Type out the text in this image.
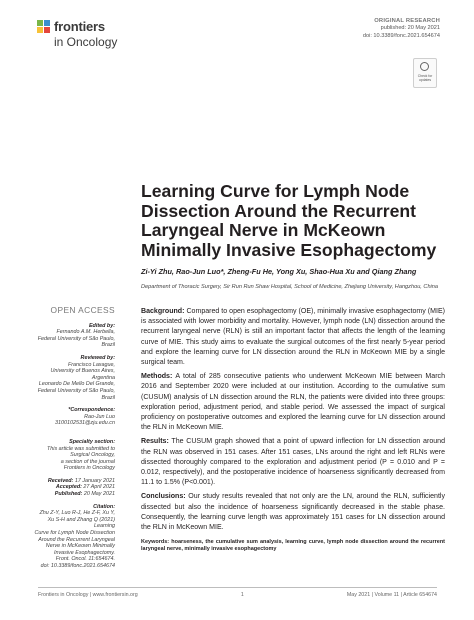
frontiers
in Oncology
ORIGINAL RESEARCH
published: 20 May 2021
doi: 10.3389/fonc.2021.654674
Check for
updates
Learning Curve for Lymph Node Dissection Around the Recurrent Laryngeal Nerve in McKeown Minimally Invasive Esophagectomy
Zi-Yi Zhu, Rao-Jun Luo*, Zheng-Fu He, Yong Xu, Shao-Hua Xu and Qiang Zhang
Department of Thoracic Surgery, Sir Run Run Shaw Hospital, School of Medicine, Zhejiang University, Hangzhou, China
OPEN ACCESS
Edited by:
Fernando A.M. Herbella,
Federal University of São Paulo, Brazil
Reviewed by:
Francisco Laxague,
University of Buenos Aires, Argentina
Leonardo De Mello Del Grande,
Federal University of São Paulo, Brazil
*Correspondence:
Rao-Jun Luo
3100102531@zju.edu.cn
Specialty section:
This article was submitted to
Surgical Oncology,
a section of the journal
Frontiers in Oncology
Received: 17 January 2021
Accepted: 27 April 2021
Published: 20 May 2021
Citation:
Zhu Z-Y, Luo R-J, He Z-F, Xu Y,
Xu S-H and Zhang Q (2021) Learning
Curve for Lymph Node Dissection
Around the Recurrent Laryngeal
Nerve in McKeown Minimally
Invasive Esophagectomy.
Front. Oncol. 11:654674.
doi: 10.3389/fonc.2021.654674

Background: Compared to open esophagectomy (OE), minimally invasive esophagectomy (MIE) is associated with lower morbidity and mortality. However, lymph node (LN) dissection around the recurrent laryngeal nerve (RLN) is still an important factor that affects the length of the learning curve of MIE. This study aims to evaluate the surgical outcomes of the first nearly 5-year period and explore the learning curve for LN dissection around the RLN in McKeown MIE by a single surgical team.

Methods: A total of 285 consecutive patients who underwent McKeown MIE between March 2016 and September 2020 were included at our institution. According to the cumulative sum (CUSUM) analysis of LN dissection around the RLN, the patients were divided into three groups: exploration period, adjustment period, and stable period. We assessed the impact of surgical proficiency on postoperative outcomes and explored the learning curve for LN dissection around the RLN in McKeown MIE.

Results: The CUSUM graph showed that a point of upward inflection for LN dissection around the RLN was observed in 151 cases. After 151 cases, LNs around the right and left RLNs were dissected thoroughly compared to the exploration and adjustment period (P = 0.010 and P = 0.012, respectively), and the postoperative incidence of hoarseness significantly decreased from 11.1 to 1.5% (P<0.001).

Conclusions: Our study results revealed that not only are the LN, around the RLN, sufficiently dissected but also the incidence of hoarseness significantly decreased in the stable phase. Consequently, the learning curve length was approximately 151 cases for LN dissection around the RLN in McKeown MIE.

Keywords: hoarseness, the cumulative sum analysis, learning curve, lymph node dissection around the recurrent laryngeal nerve, minimally invasive esophagectomy

Frontiers in Oncology | www.frontiersin.org	1	May 2021 | Volume 11 | Article 654674
